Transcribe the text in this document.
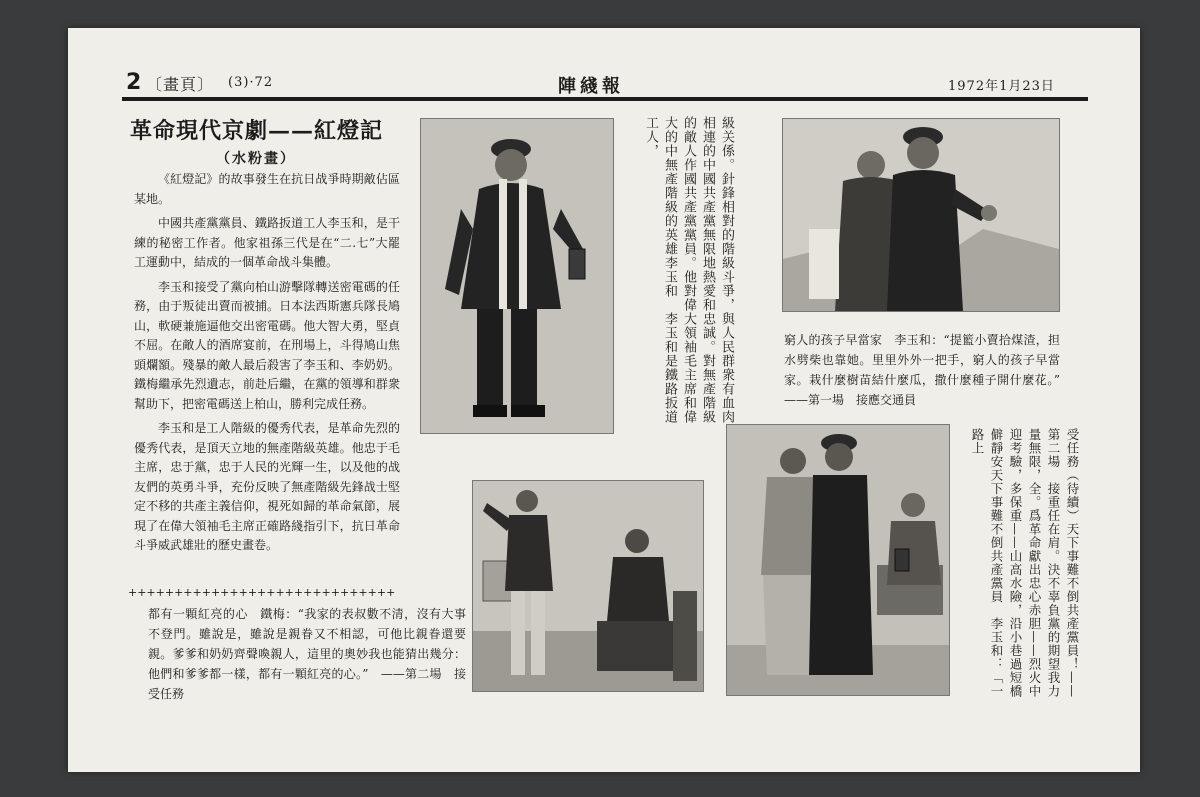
2 〔畫頁〕 (3)·72	陣綫報	1972年1月23日
革命現代京劇——紅燈記
（水粉畫）

《紅燈記》的故事發生在抗日战爭時期敵佔區某地。

中國共產黨黨員、鐵路扳道工人李玉和，是干練的秘密工作者。他家祖孫三代是在“二.七”大罷工運動中，結成的一個革命战斗集體。

李玉和接受了黨向柏山游擊隊轉送密電碼的任務，由于叛徒出賣而被捕。日本法西斯憲兵隊長鳩山，軟硬兼施逼他交出密電碼。他大智大勇，堅貞不屈。在敵人的酒席宴前，在刑場上，斗得鳩山焦頭爛額。殘暴的敵人最后殺害了李玉和、李奶奶。鐵梅繼承先烈遺志，前赴后繼，在黨的領導和群衆幫助下，把密電碼送上柏山，勝利完成任務。

李玉和是工人階級的優秀代表，是革命先烈的優秀代表，是頂天立地的無產階級英雄。他忠于毛主席，忠于黨，忠于人民的光輝一生，以及他的战友們的英勇斗爭，充份反映了無產階級先鋒战士堅定不移的共產主義信仰，視死如歸的革命氣節，展現了在偉大領袖毛主席正確路綫指引下，抗日革命斗爭威武雄壯的歷史畫卷。

+++++++++++++++++++++++++++++
都有一顆紅亮的心　鐵梅：“我家的表叔數不清，沒有大事不登門。雖說是，雖說是親眷又不相認，可他比親眷還要親。爹爹和奶奶齊聲喚親人，這里的奧妙我也能猜出幾分：他們和爹爹都一樣，都有一顆紅亮的心。”　——第二場　接受任務
級关係。針鋒相對的階級斗爭，與人民群衆有血肉相連的中國共產黨無限地熱愛和忠誠。對無產階級的敵人作國共產黨黨員。他對偉大領袖毛主席和偉大的中無產階級的英雄李玉和　李玉和是鐵路扳道工人，
窮人的孩子早當家　李玉和：“提籃小賣拾煤渣，担水劈柴也靠她。里里外外一把手，窮人的孩子早當家。栽什麼樹苗結什麼瓜，撒什麼種子開什麼花。”　——第一場　接應交通員
受任務（待續）天下事難不倒共產黨員！——第二場　接重任在肩。決不辜負黨的期望我力量無限，全。爲革命獻出忠心赤胆——烈火中迎考驗，多保重——山高水險，沿小巷過短橋僻靜安天下事難不倒共產黨員　李玉和：「一路上
